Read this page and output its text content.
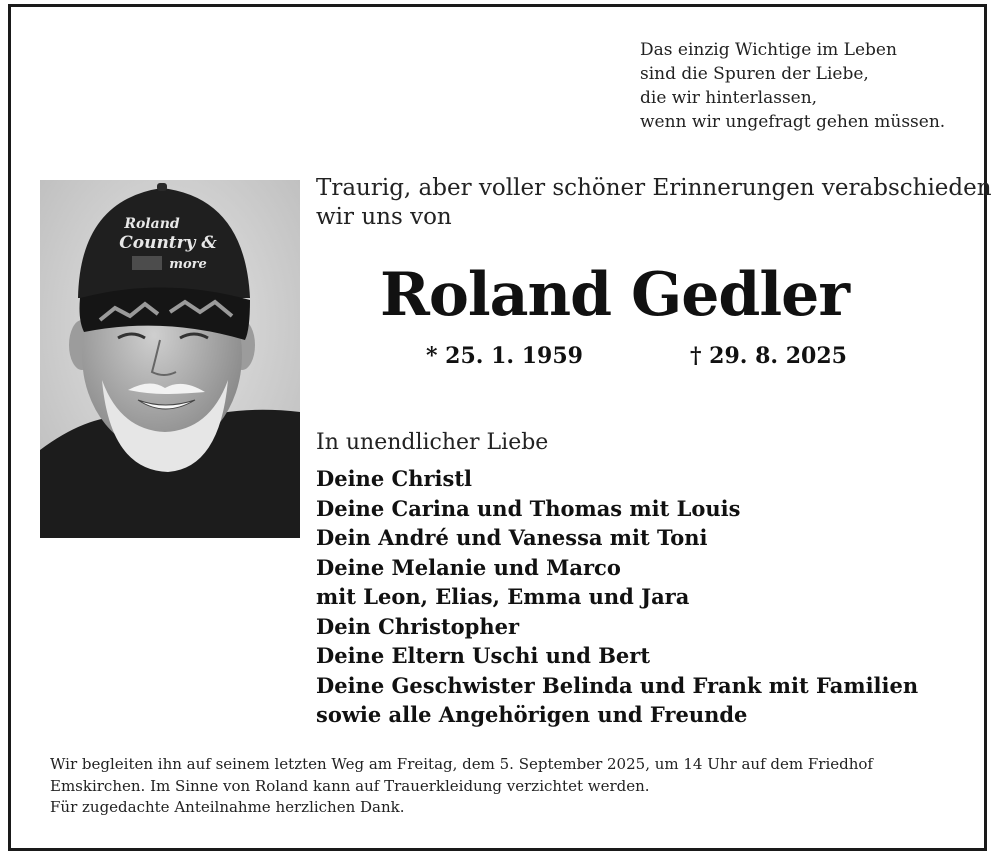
Das einzig Wichtige im Leben
sind die Spuren der Liebe,
die wir hinterlassen,
wenn wir ungefragt gehen müssen.
Roland
Country &
more
Traurig, aber voller schöner Erinnerungen verabschieden
wir uns von
Roland Gedler
* 25. 1. 1959	† 29. 8. 2025
In unendlicher Liebe
Deine Christl
Deine Carina und Thomas mit Louis
Dein André und Vanessa mit Toni
Deine Melanie und Marco
mit Leon, Elias, Emma und Jara
Dein Christopher
Deine Eltern Uschi und Bert
Deine Geschwister Belinda und Frank mit Familien
sowie alle Angehörigen und Freunde
Wir begleiten ihn auf seinem letzten Weg am Freitag, dem 5. September 2025, um 14 Uhr auf dem Friedhof
Emskirchen. Im Sinne von Roland kann auf Trauerkleidung verzichtet werden.
Für zugedachte Anteilnahme herzlichen Dank.
